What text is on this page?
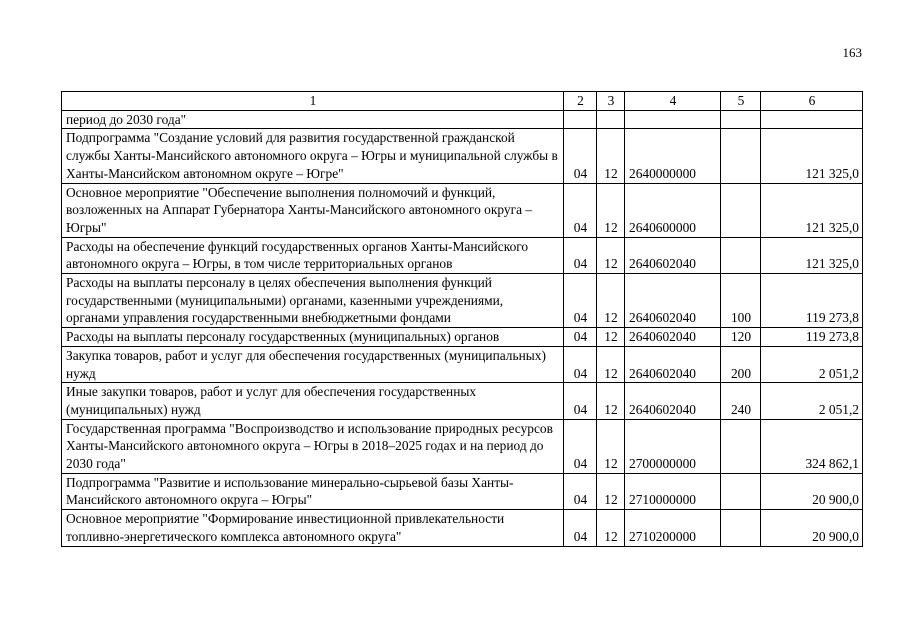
163
1	2	3	4	5	6
период до 2030 года"					
Подпрограмма "Создание условий для развития государственной гражданской службы Ханты-Мансийского автономного округа – Югры и муниципальной службы в Ханты-Мансийском автономном округе – Югре"	04	12	2640000000		121 325,0
Основное мероприятие "Обеспечение выполнения полномочий и функций, возложенных на Аппарат Губернатора Ханты-Мансийского автономного округа – Югры"	04	12	2640600000		121 325,0
Расходы на обеспечение функций государственных органов Ханты-Мансийского автономного округа – Югры, в том числе территориальных органов	04	12	2640602040		121 325,0
Расходы на выплаты персоналу в целях обеспечения выполнения функций государственными (муниципальными) органами, казенными учреждениями, органами управления государственными внебюджетными фондами	04	12	2640602040	100	119 273,8
Расходы на выплаты персоналу государственных (муниципальных) органов	04	12	2640602040	120	119 273,8
Закупка товаров, работ и услуг для обеспечения государственных (муниципальных) нужд	04	12	2640602040	200	2 051,2
Иные закупки товаров, работ и услуг для обеспечения государственных (муниципальных) нужд	04	12	2640602040	240	2 051,2
Государственная программа "Воспроизводство и использование природных ресурсов Ханты-Мансийского автономного округа – Югры в 2018–2025 годах и на период до 2030 года"	04	12	2700000000		324 862,1
Подпрограмма "Развитие и использование минерально-сырьевой базы Ханты-Мансийского автономного округа – Югры"	04	12	2710000000		20 900,0
Основное мероприятие "Формирование инвестиционной привлекательности топливно-энергетического комплекса автономного округа"	04	12	2710200000		20 900,0
